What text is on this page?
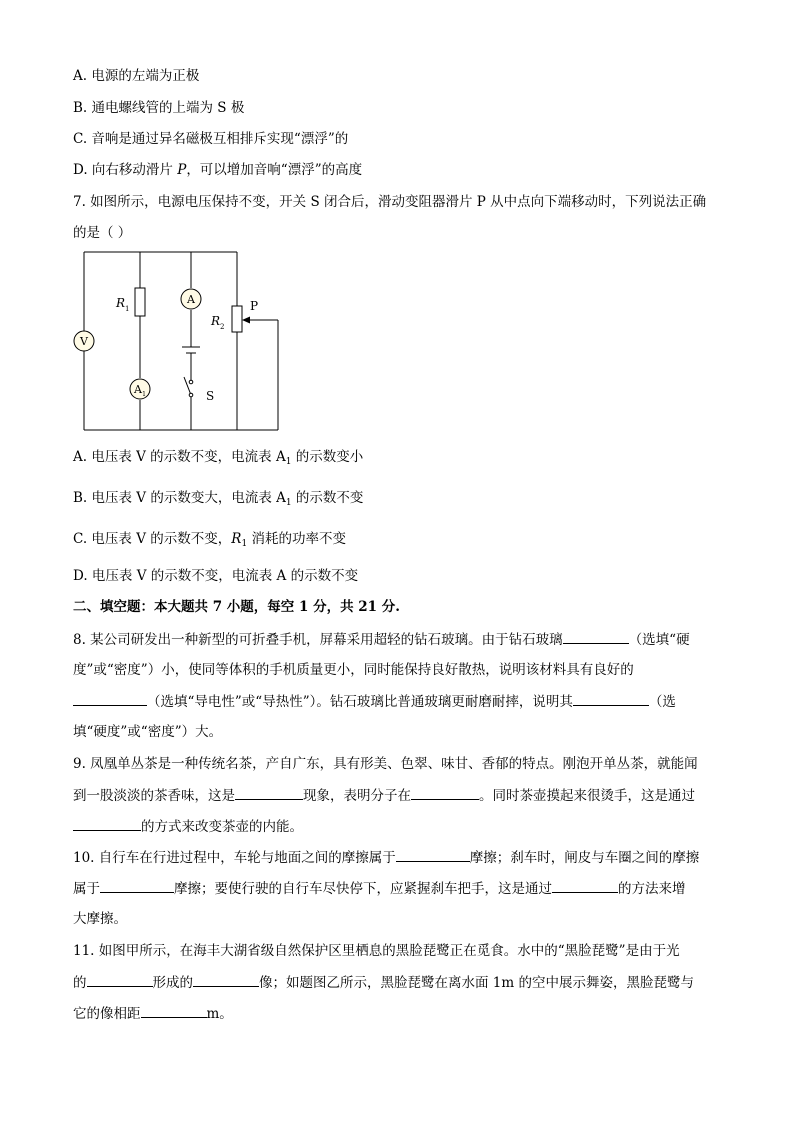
A. 电源的左端为正极
B. 通电螺线管的上端为 S 极
C. 音响是通过异名磁极互相排斥实现“漂浮”的
D. 向右移动滑片 P，可以增加音响“漂浮”的高度
7. 如图所示，电源电压保持不变，开关 S 闭合后，滑动变阻器滑片 P 从中点向下端移动时，下列说法正确
的是（ ）
V
A
A 1
R 1
R 2
P
S
A. 电压表 V 的示数不变，电流表 $A_1$ 的示数变小
B. 电压表 V 的示数变大，电流表 $A_1$ 的示数不变
C. 电压表 V 的示数不变，$R_1$ 消耗的功率不变
D. 电压表 V 的示数不变，电流表 A 的示数不变
二、填空题：本大题共 7 小题，每空 1 分，共 21 分.
8. 某公司研发出一种新型的可折叠手机，屏幕采用超轻的钻石玻璃。由于钻石玻璃	（选填“硬
度”或“密度”）小，使同等体积的手机质量更小，同时能保持良好散热，说明该材料具有良好的
（选填“导电性”或“导热性”）。钻石玻璃比普通玻璃更耐磨耐摔，说明其	（选
填“硬度”或“密度”）大。
9. 凤凰单丛茶是一种传统名茶，产自广东，具有形美、色翠、味甘、香郁的特点。刚泡开单丛茶，就能闻
到一股淡淡的茶香味，这是	现象，表明分子在	。同时茶壶摸起来很烫手，这是通过
的方式来改变茶壶的内能。
10. 自行车在行进过程中，车轮与地面之间的摩擦属于	摩擦；刹车时，闸皮与车圈之间的摩擦
属于	摩擦；要使行驶的自行车尽快停下，应紧握刹车把手，这是通过	的方法来增
大摩擦。
11. 如图甲所示，在海丰大湖省级自然保护区里栖息的黑脸琵鹭正在觅食。水中的“黑脸琵鹭”是由于光
的	形成的	像；如题图乙所示，黑脸琵鹭在离水面 1m 的空中展示舞姿，黑脸琵鹭与
它的像相距	m。
